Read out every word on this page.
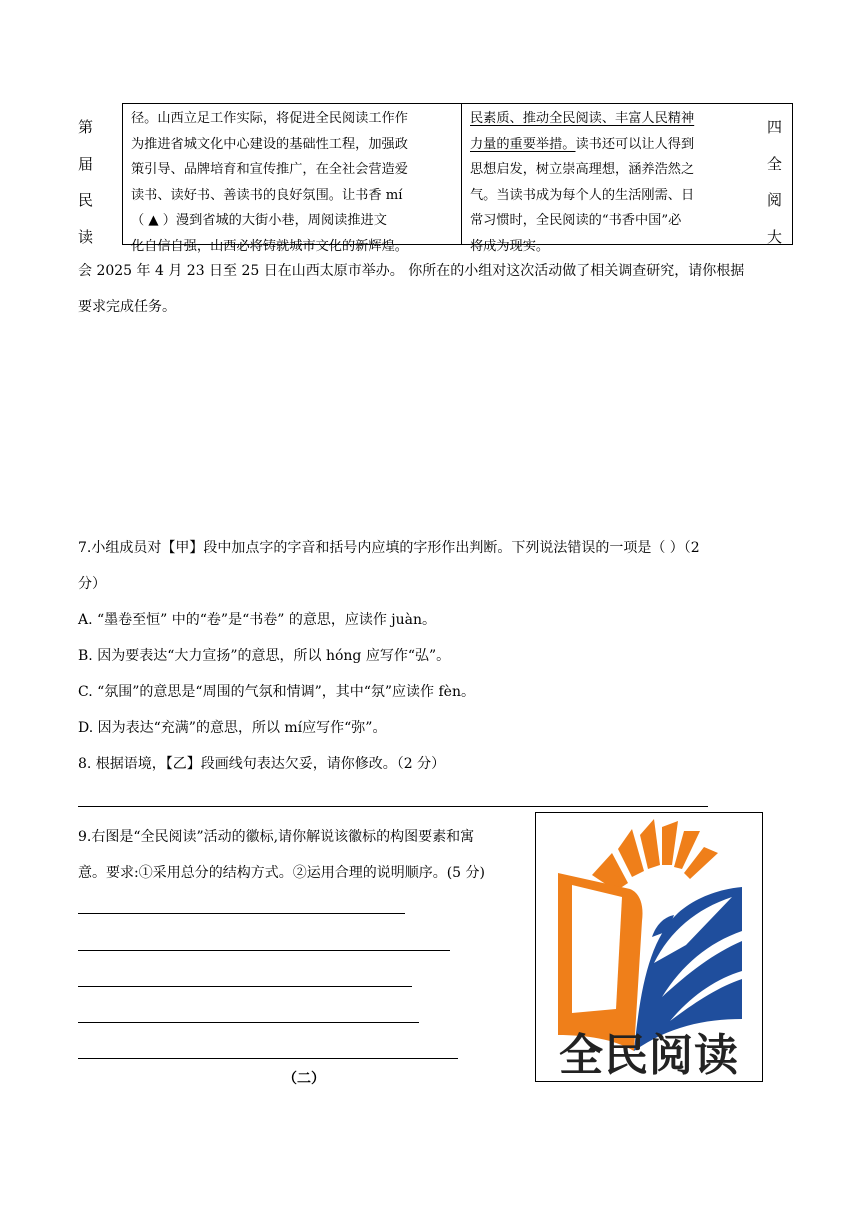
第
届
民
读
四
全
阅
大
径。山西立足工作实际，将促进全民阅读工作作
为推进省城文化中心建设的基础性工程，加强政
策引导、品牌培育和宣传推广，在全社会营造爱
读书、读好书、善读书的良好氛围。让书香 mí
（ ▲ ）漫到省城的大街小巷，周阅读推进文
化自信自强，山西必将铸就城市文化的新辉煌。
民素质、推动全民阅读、丰富人民精神
力量的重要举措。读书还可以让人得到
思想启发，树立崇高理想，涵养浩然之
气。当读书成为每个人的生活刚需、日
常习惯时，全民阅读的“书香中国”必
将成为现实。
会 2025 年 4 月 23 日至 25 日在山西太原市举办。 你所在的小组对这次活动做了相关调查研究，请你根据
要求完成任务。
7.小组成员对【甲】段中加点字的字音和括号内应填的字形作出判断。下列说法错误的一项是（ ）（2
分）
A. “墨卷至恒” 中的“卷”是“书卷” 的意思，应读作 juàn。
B. 因为要表达“大力宣扬”的意思，所以 hóng 应写作“弘”。
C. “氛围”的意思是“周围的气氛和情调”，其中“氛”应读作 fèn。
D. 因为表达“充满”的意思，所以 mí应写作“弥”。
8. 根据语境，【乙】段画线句表达欠妥，请你修改。（2 分）
9.右图是“全民阅读”活动的徽标,请你解说该徽标的构图要素和寓
意。要求:①采用总分的结构方式。②运用合理的说明顺序。(5 分)
（二）	全民阅读
